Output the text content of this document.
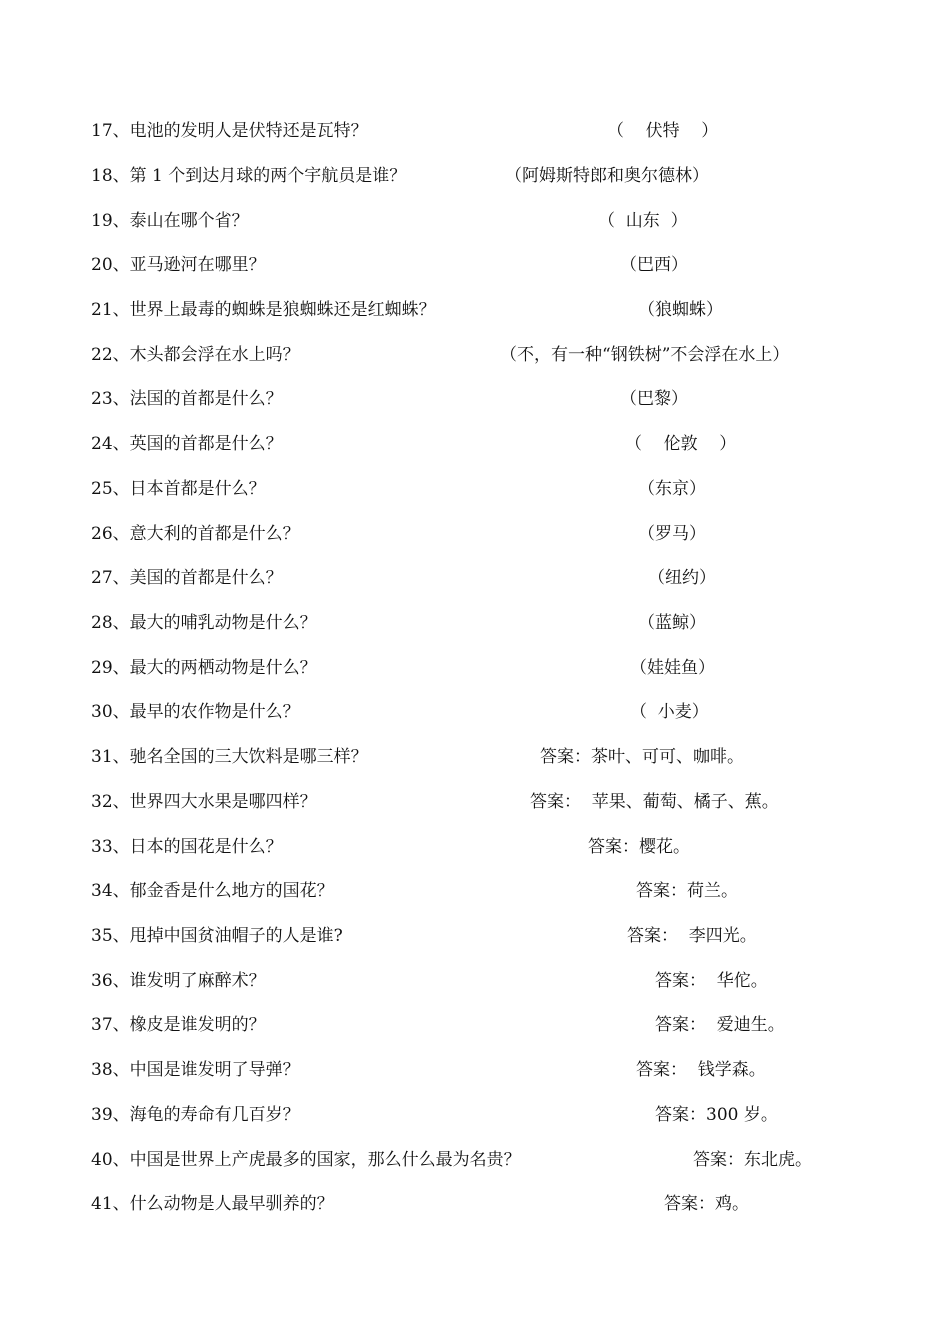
17、电池的发明人是伏特还是瓦特？	（    伏特    ）
18、第 1 个到达月球的两个宇航员是谁？	（阿姆斯特郎和奥尔德林）
19、泰山在哪个省？	（  山东  ）
20、亚马逊河在哪里？	（巴西）
21、世界上最毒的蜘蛛是狼蜘蛛还是红蜘蛛？	（狼蜘蛛）
22、木头都会浮在水上吗？	（不，有一种“钢铁树”不会浮在水上）
23、法国的首都是什么？	（巴黎）
24、英国的首都是什么？	（    伦敦    ）
25、日本首都是什么？	（东京）
26、意大利的首都是什么？	（罗马）
27、美国的首都是什么？	（纽约）
28、最大的哺乳动物是什么？	（蓝鲸）
29、最大的两栖动物是什么？	（娃娃鱼）
30、最早的农作物是什么？	（  小麦）
31、驰名全国的三大饮料是哪三样？	答案：茶叶、可可、咖啡。
32、世界四大水果是哪四样？	答案：  苹果、葡萄、橘子、蕉。
33、日本的国花是什么？	答案：樱花。
34、郁金香是什么地方的国花？	答案：荷兰。
35、甩掉中国贫油帽子的人是谁?	答案：  李四光。
36、谁发明了麻醉术？	答案：  华佗。
37、橡皮是谁发明的？	答案：  爱迪生。
38、中国是谁发明了导弹？	答案：  钱学森。
39、海龟的寿命有几百岁？	答案：300 岁。
40、中国是世界上产虎最多的国家，那么什么最为名贵？	答案：东北虎。
41、什么动物是人最早驯养的？	答案：鸡。
